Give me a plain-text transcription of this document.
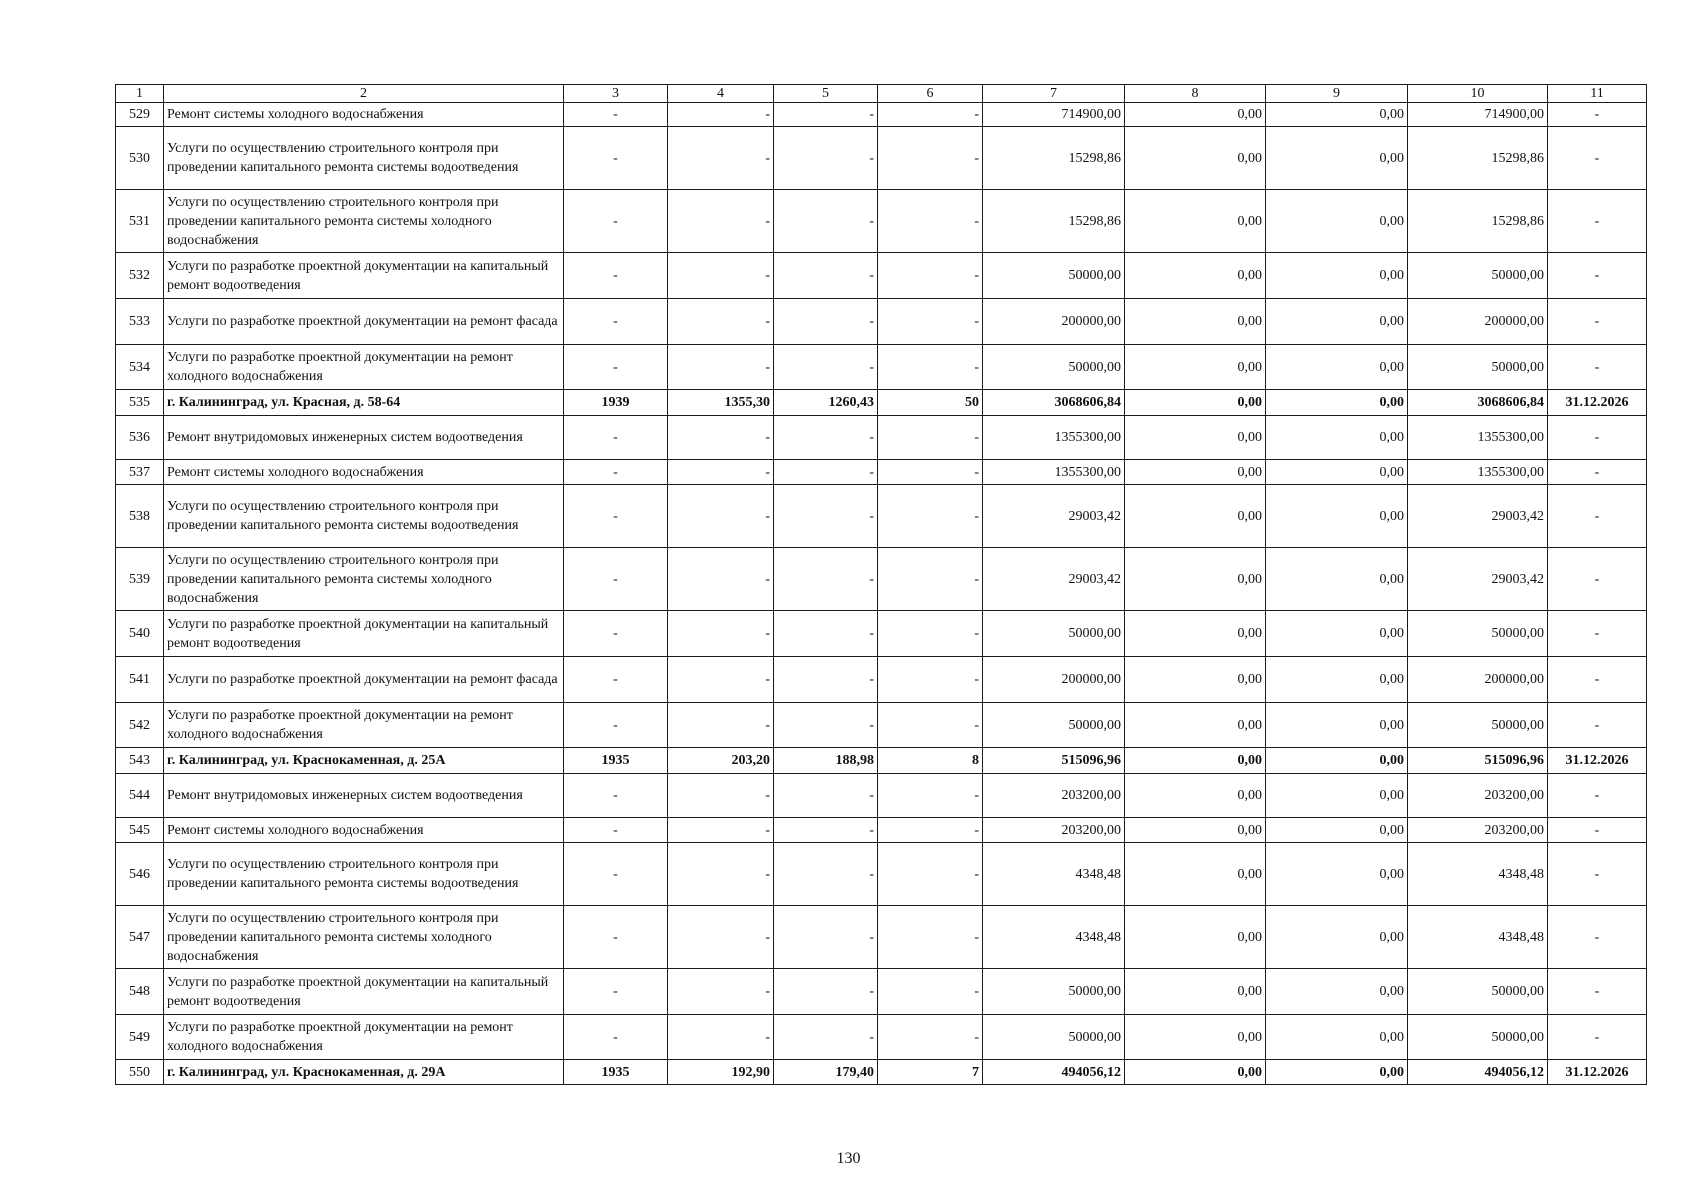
1	2	3	4	5	6	7	8	9	10	11
529	Ремонт системы холодного водоснабжения	-	-	-	-	714900,00	0,00	0,00	714900,00	-
530	Услуги по осуществлению строительного контроля при проведении капитального ремонта системы водоотведения	-	-	-	-	15298,86	0,00	0,00	15298,86	-
531	Услуги по осуществлению строительного контроля при проведении капитального ремонта системы холодного водоснабжения	-	-	-	-	15298,86	0,00	0,00	15298,86	-
532	Услуги по разработке проектной документации на капитальный ремонт водоотведения	-	-	-	-	50000,00	0,00	0,00	50000,00	-
533	Услуги по разработке проектной документации на ремонт фасада	-	-	-	-	200000,00	0,00	0,00	200000,00	-
534	Услуги по разработке проектной документации на ремонт холодного водоснабжения	-	-	-	-	50000,00	0,00	0,00	50000,00	-
535	г. Калининград, ул. Красная, д. 58-64	1939	1355,30	1260,43	50	3068606,84	0,00	0,00	3068606,84	31.12.2026
536	Ремонт внутридомовых инженерных систем водоотведения	-	-	-	-	1355300,00	0,00	0,00	1355300,00	-
537	Ремонт системы холодного водоснабжения	-	-	-	-	1355300,00	0,00	0,00	1355300,00	-
538	Услуги по осуществлению строительного контроля при проведении капитального ремонта системы водоотведения	-	-	-	-	29003,42	0,00	0,00	29003,42	-
539	Услуги по осуществлению строительного контроля при проведении капитального ремонта системы холодного водоснабжения	-	-	-	-	29003,42	0,00	0,00	29003,42	-
540	Услуги по разработке проектной документации на капитальный ремонт водоотведения	-	-	-	-	50000,00	0,00	0,00	50000,00	-
541	Услуги по разработке проектной документации на ремонт фасада	-	-	-	-	200000,00	0,00	0,00	200000,00	-
542	Услуги по разработке проектной документации на ремонт холодного водоснабжения	-	-	-	-	50000,00	0,00	0,00	50000,00	-
543	г. Калининград, ул. Краснокаменная, д. 25А	1935	203,20	188,98	8	515096,96	0,00	0,00	515096,96	31.12.2026
544	Ремонт внутридомовых инженерных систем водоотведения	-	-	-	-	203200,00	0,00	0,00	203200,00	-
545	Ремонт системы холодного водоснабжения	-	-	-	-	203200,00	0,00	0,00	203200,00	-
546	Услуги по осуществлению строительного контроля при проведении капитального ремонта системы водоотведения	-	-	-	-	4348,48	0,00	0,00	4348,48	-
547	Услуги по осуществлению строительного контроля при проведении капитального ремонта системы холодного водоснабжения	-	-	-	-	4348,48	0,00	0,00	4348,48	-
548	Услуги по разработке проектной документации на капитальный ремонт водоотведения	-	-	-	-	50000,00	0,00	0,00	50000,00	-
549	Услуги по разработке проектной документации на ремонт холодного водоснабжения	-	-	-	-	50000,00	0,00	0,00	50000,00	-
550	г. Калининград, ул. Краснокаменная, д. 29А	1935	192,90	179,40	7	494056,12	0,00	0,00	494056,12	31.12.2026
130
